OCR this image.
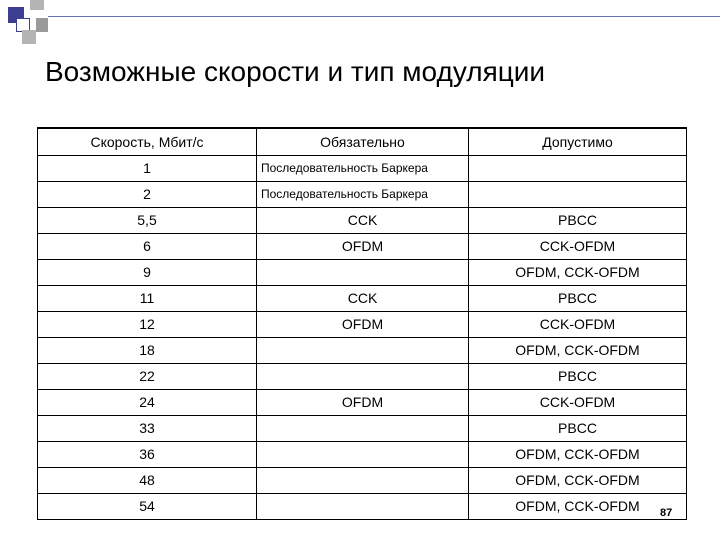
Возможные скорости и тип модуляции
Скорость, Мбит/с	Обязательно	Допустимо
1	Последовательность Баркера	
2	Последовательность Баркера	
5,5	CCK	PBCC
6	OFDM	CCK-OFDM
9		OFDM, CCK-OFDM
11	CCK	PBCC
12	OFDM	CCK-OFDM
18		OFDM, CCK-OFDM
22		PBCC
24	OFDM	CCK-OFDM
33		PBCC
36		OFDM, CCK-OFDM
48		OFDM, CCK-OFDM
54		OFDM, CCK-OFDM 87
